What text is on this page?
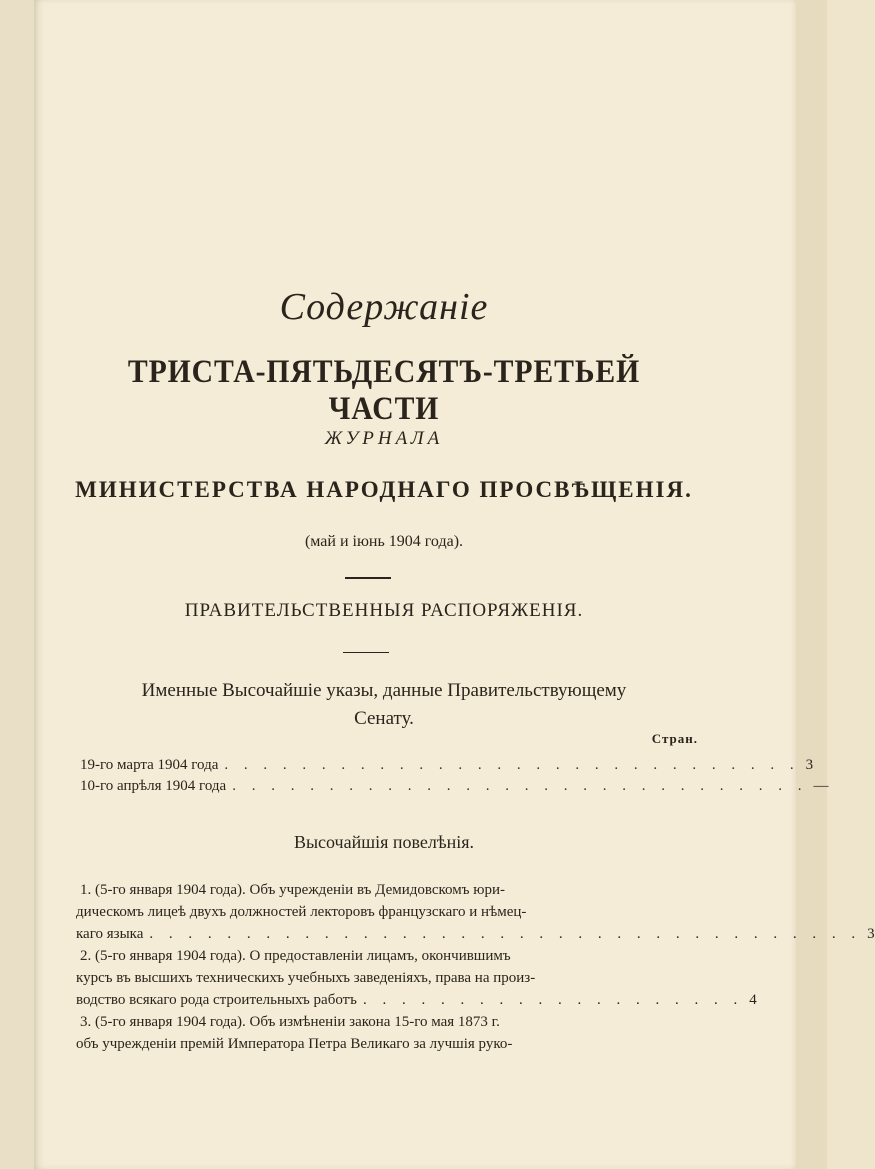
Содержаніе
ТРИСТА-ПЯТЬДЕСЯТЪ-ТРЕТЬЕЙ ЧАСТИ
ЖУРНАЛА
МИНИСТЕРСТВА НАРОДНАГО ПРОСВѢЩЕНІЯ.
(май и іюнь 1904 года).
ПРАВИТЕЛЬСТВЕННЫЯ РАСПОРЯЖЕНІЯ.
Именные Высочайшіе указы, данные Правительствующему
Сенату.
Стран.
19-го марта 1904 года . . . . . . . . . . . . . . . . . . . . . . . . . . . . . . 3
10-го апрѣля 1904 года . . . . . . . . . . . . . . . . . . . . . . . . . . . . . . —
Высочайшія повелѣнія.
1. (5-го января 1904 года). Объ учрежденіи въ Демидовскомъ юри-
дическомъ лицеѣ двухъ должностей лекторовъ французскаго и нѣмец-
каго языка . . . . . . . . . . . . . . . . . . . . . . . . . . . . . . . . . . . . . 3
2. (5-го января 1904 года). О предоставленіи лицамъ, окончившимъ
курсъ въ высшихъ техническихъ учебныхъ заведеніяхъ, права на произ-
водство всякаго рода строительныхъ работъ . . . . . . . . . . . . . . . . . . . . 4
3. (5-го января 1904 года). Объ измѣненіи закона 15-го мая 1873 г.
объ учрежденіи премій Императора Петра Великаго за лучшія руко-
